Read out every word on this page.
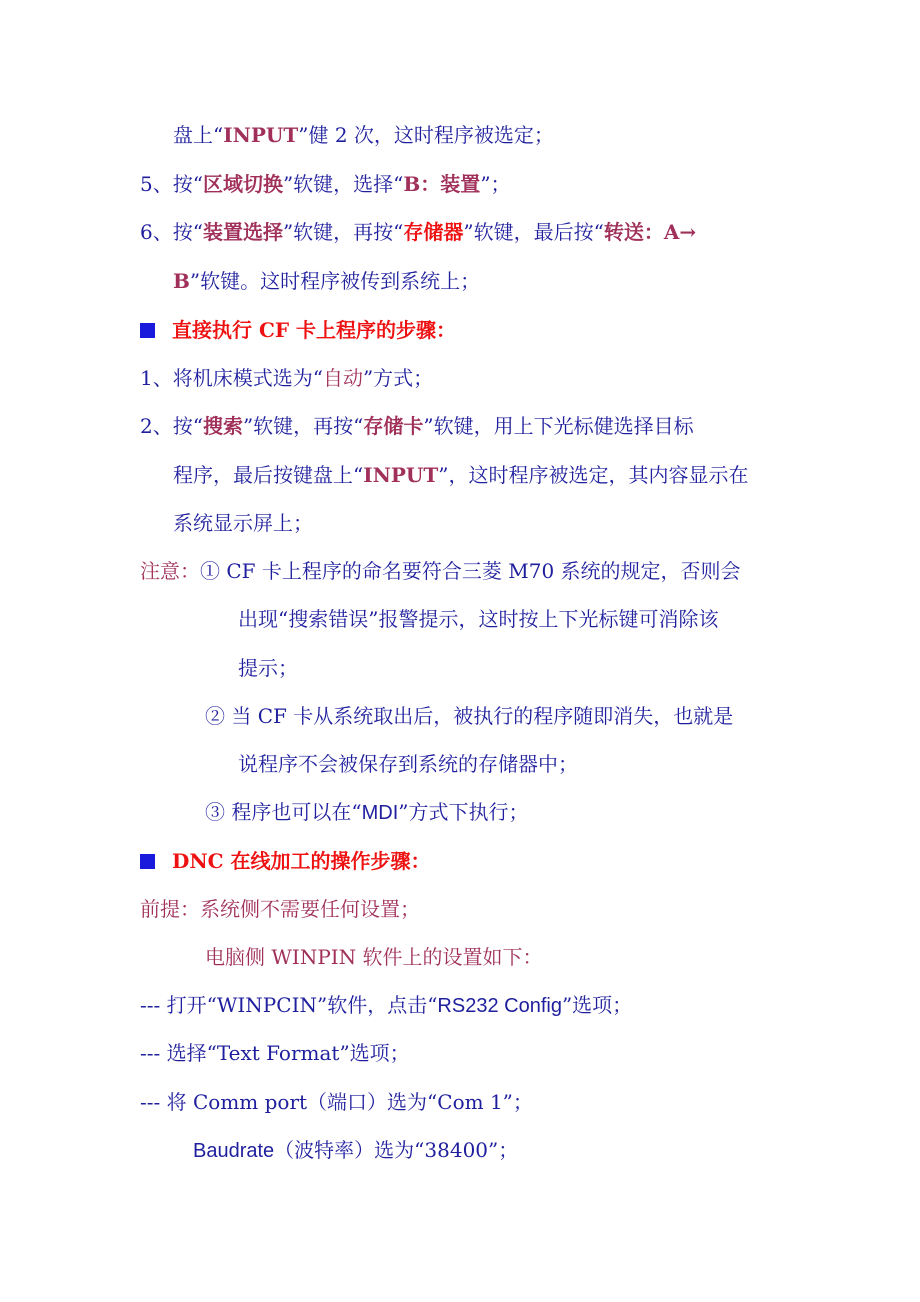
盘上“INPUT”健 2 次，这时程序被选定；
5、按“区域切换”软键，选择“B：装置”；
6、按“装置选择”软键，再按“存储器”软键，最后按“转送：A→
B”软键。这时程序被传到系统上；
直接执行 CF 卡上程序的步骤：
1、将机床模式选为“自动”方式；
2、按“搜索”软键，再按“存储卡”软键，用上下光标健选择目标
程序，最后按键盘上“INPUT”，这时程序被选定，其内容显示在
系统显示屏上；
注意：① CF 卡上程序的命名要符合三菱 M70 系统的规定，否则会
出现“搜索错误”报警提示，这时按上下光标键可消除该
提示；
② 当 CF 卡从系统取出后，被执行的程序随即消失，也就是
说程序不会被保存到系统的存储器中；
③ 程序也可以在“MDI”方式下执行；
DNC 在线加工的操作步骤：
前提：系统侧不需要任何设置；
电脑侧 WINPIN 软件上的设置如下：
--- 打开“WINPCIN”软件，点击“RS232 Config”选项；
--- 选择“Text Format”选项；
--- 将 Comm port（端口）选为“Com 1”；
Baudrate（波特率）选为“38400”；
